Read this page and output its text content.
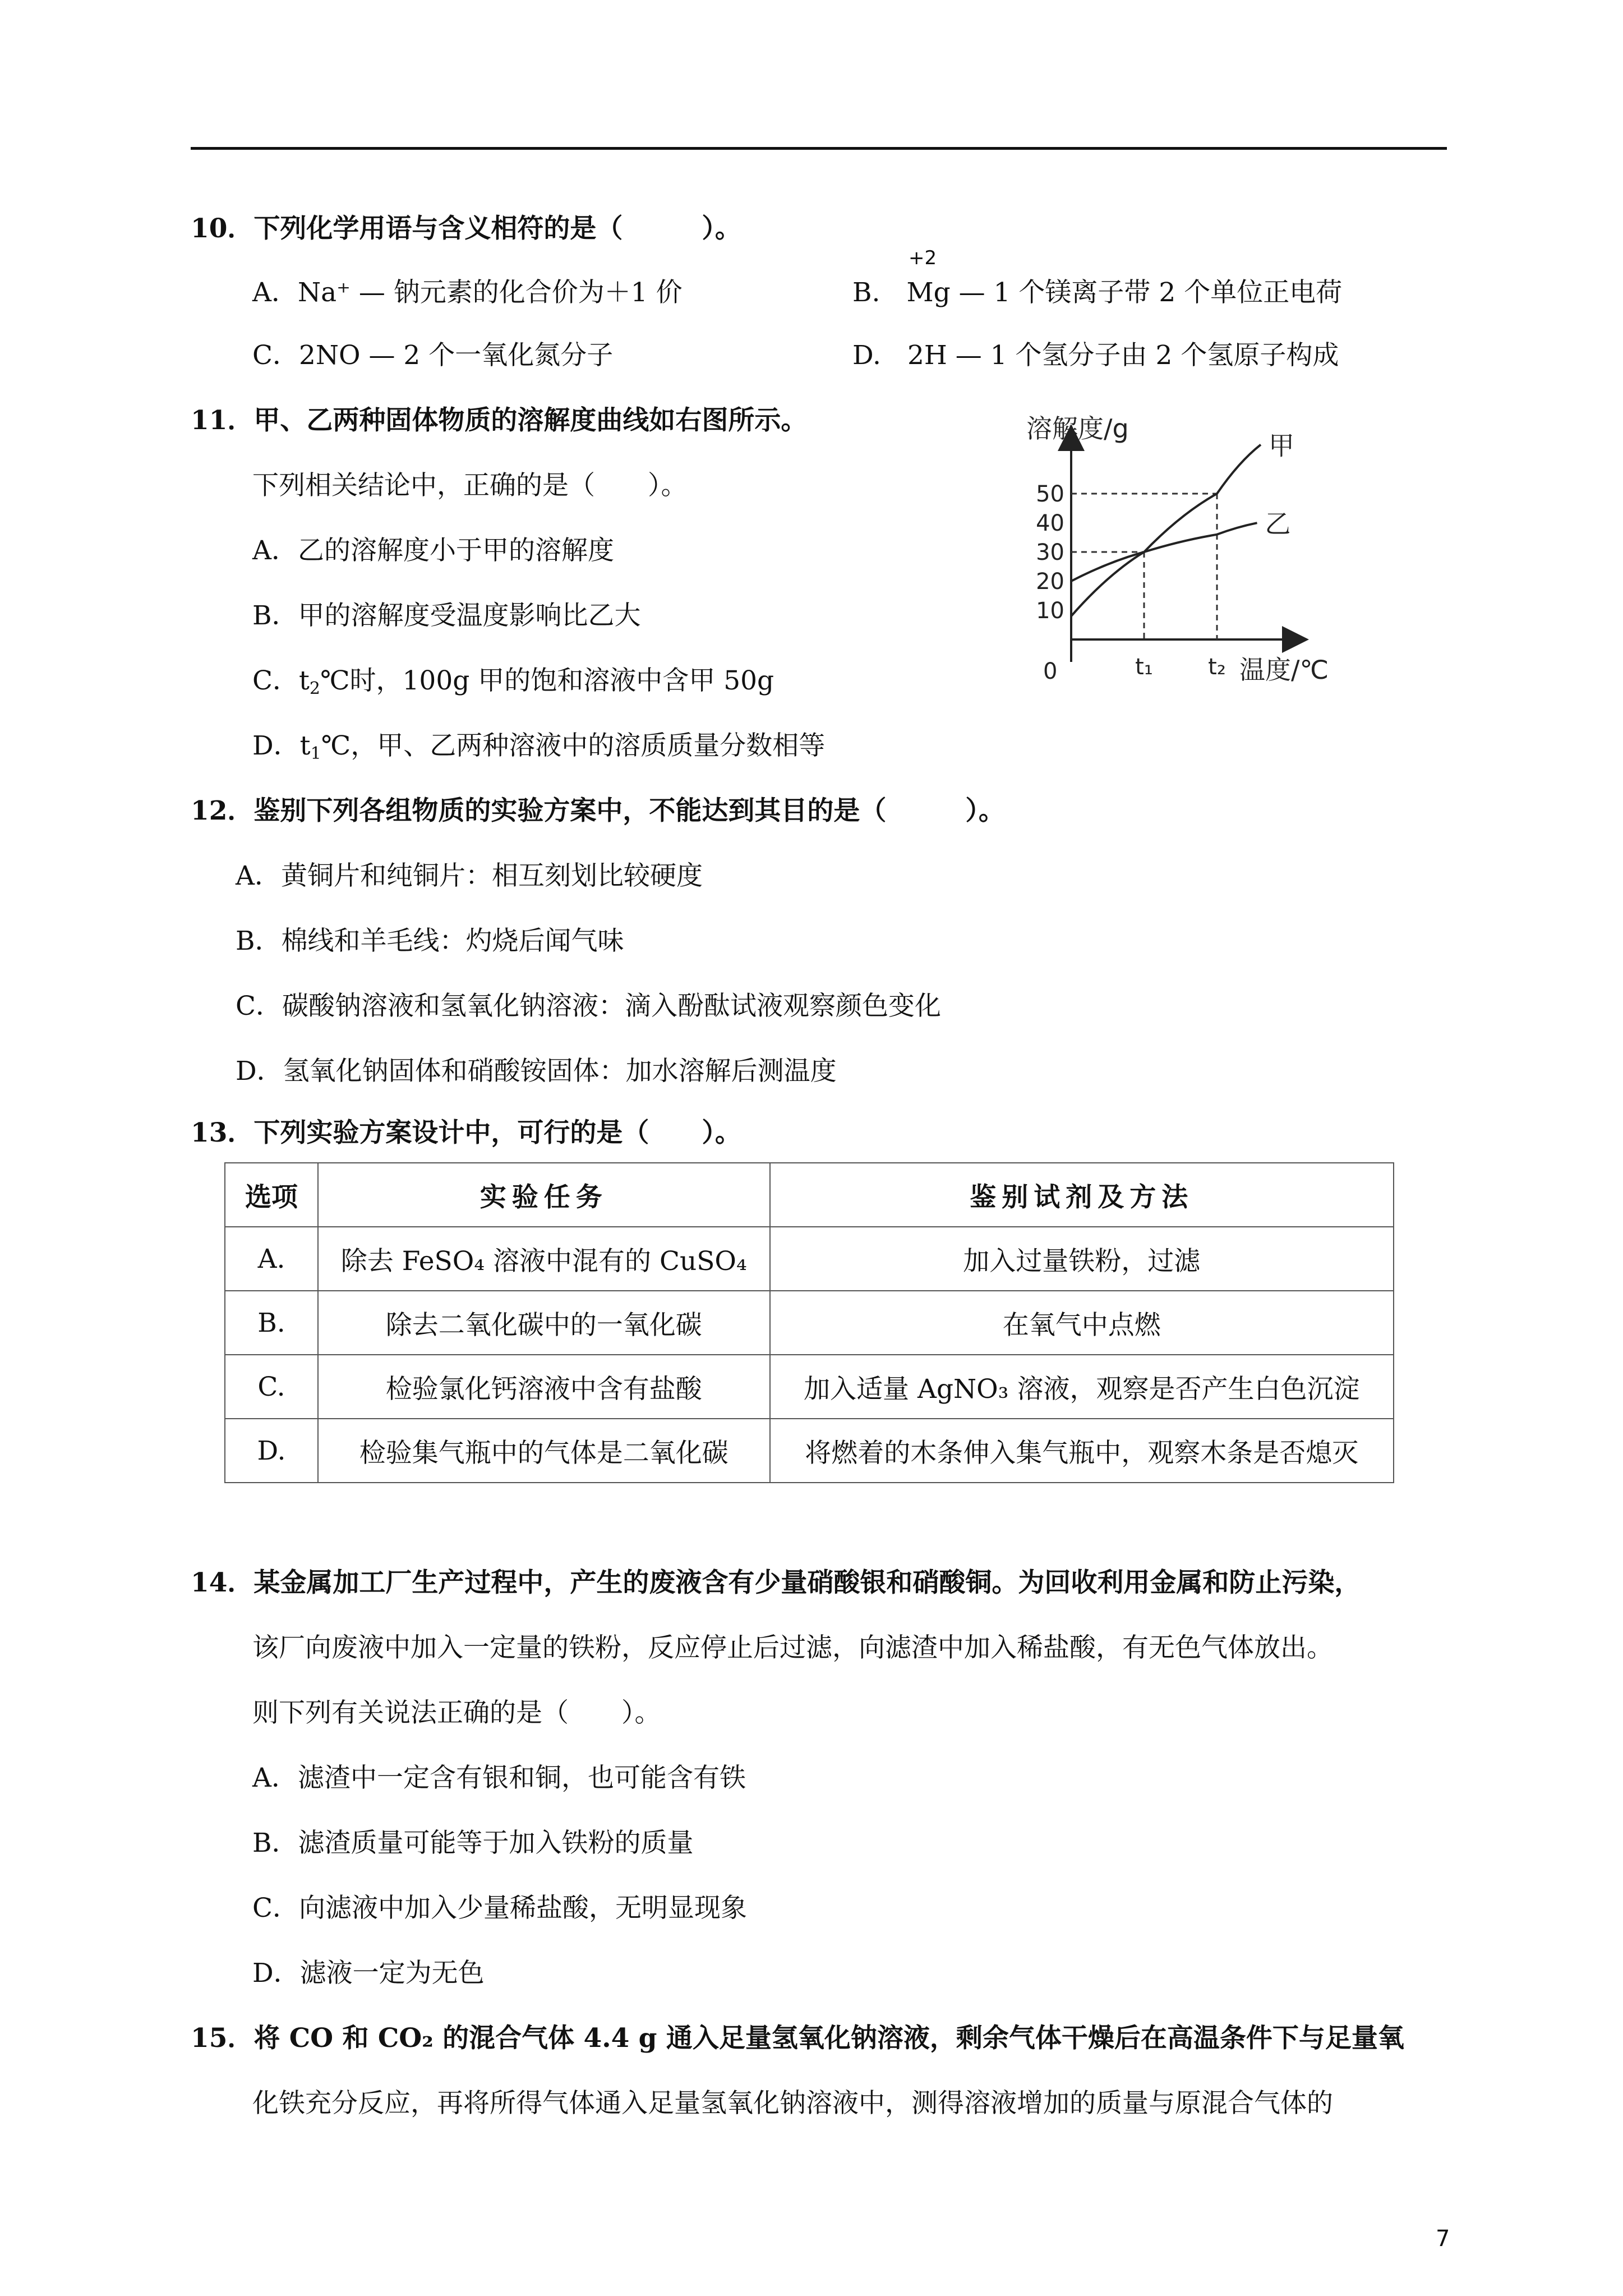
10．下列化学用语与含义相符的是（　　　）。
+2
A．Na⁺ — 钠元素的化合价为＋1 价	B.　Mg — 1 个镁离子带 2 个单位正电荷
C．2NO — 2 个一氧化氮分子	D.　2H — 1 个氢分子由 2 个氢原子构成
11．甲、乙两种固体物质的溶解度曲线如右图所示。
下列相关结论中，正确的是（　　）。
A．乙的溶解度小于甲的溶解度
B．甲的溶解度受温度影响比乙大
C．$t_2℃$时，100g 甲的饱和溶液中含甲 50g
D．$t_1℃$，甲、乙两种溶液中的溶质质量分数相等
溶解度/g
温度/℃
0
10
20
30
40
50
t₁ t₂
甲
乙
12．鉴别下列各组物质的实验方案中，不能达到其目的是（　　　）。
A．黄铜片和纯铜片：相互刻划比较硬度
B．棉线和羊毛线：灼烧后闻气味
C．碳酸钠溶液和氢氧化钠溶液：滴入酚酞试液观察颜色变化
D．氢氧化钠固体和硝酸铵固体：加水溶解后测温度
13．下列实验方案设计中，可行的是（　　）。
选项	实验任务	鉴别试剂及方法
A.	除去 FeSO₄ 溶液中混有的 CuSO₄	加入过量铁粉，过滤
B.	除去二氧化碳中的一氧化碳	在氧气中点燃
C.	检验氯化钙溶液中含有盐酸	加入适量 AgNO₃ 溶液，观察是否产生白色沉淀
D.	检验集气瓶中的气体是二氧化碳	将燃着的木条伸入集气瓶中，观察木条是否熄灭
14．某金属加工厂生产过程中，产生的废液含有少量硝酸银和硝酸铜。为回收利用金属和防止污染，
该厂向废液中加入一定量的铁粉，反应停止后过滤，向滤渣中加入稀盐酸，有无色气体放出。
则下列有关说法正确的是（　　）。
A．滤渣中一定含有银和铜，也可能含有铁
B．滤渣质量可能等于加入铁粉的质量
C．向滤液中加入少量稀盐酸，无明显现象
D．滤液一定为无色
15．将 CO 和 CO₂ 的混合气体 4.4 g 通入足量氢氧化钠溶液，剩余气体干燥后在高温条件下与足量氧
化铁充分反应，再将所得气体通入足量氢氧化钠溶液中，测得溶液增加的质量与原混合气体的
7
